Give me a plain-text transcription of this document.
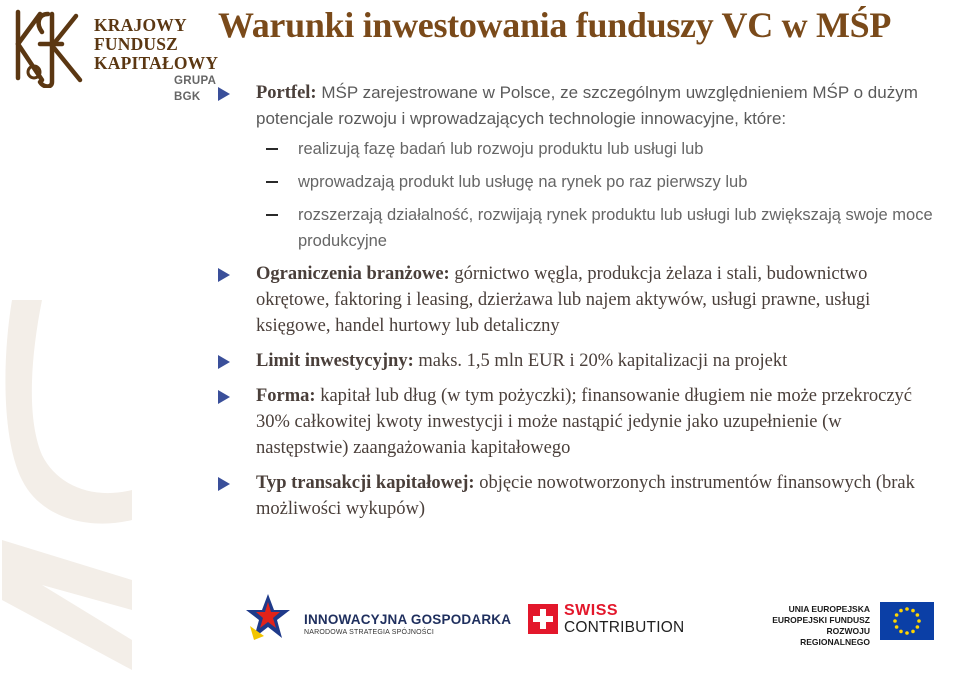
KRAJOWY
FUNDUSZ
KAPITAŁOWY
GRUPA BGK
Warunki inwestowania funduszy VC w MŚP
Portfel: MŚP zarejestrowane w Polsce, ze szczególnym uwzględnieniem MŚP o dużym potencjale rozwoju i wprowadzających technologie innowacyjne, które:
realizują fazę badań lub rozwoju produktu lub usługi lub
wprowadzają produkt lub usługę na rynek po raz pierwszy lub
rozszerzają działalność, rozwijają rynek produktu lub usługi lub zwiększają swoje moce produkcyjne
Ograniczenia branżowe: górnictwo węgla, produkcja żelaza i stali, budownictwo okrętowe, faktoring i leasing, dzierżawa lub najem aktywów, usługi prawne, usługi księgowe, handel hurtowy lub detaliczny
Limit inwestycyjny: maks. 1,5 mln EUR i 20% kapitalizacji na projekt
Forma: kapitał lub dług (w tym pożyczki); finansowanie długiem nie może przekroczyć 30% całkowitej kwoty inwestycji i może nastąpić jedynie jako uzupełnienie (w następstwie) zaangażowania kapitałowego
Typ transakcji kapitałowej: objęcie nowotworzonych instrumentów finansowych (brak możliwości wykupów)
INNOWACYJNA GOSPODARKA
NARODOWA STRATEGIA SPÓJNOŚCI
SWISS
CONTRIBUTION
UNIA EUROPEJSKA
EUROPEJSKI FUNDUSZ
ROZWOJU REGIONALNEGO
